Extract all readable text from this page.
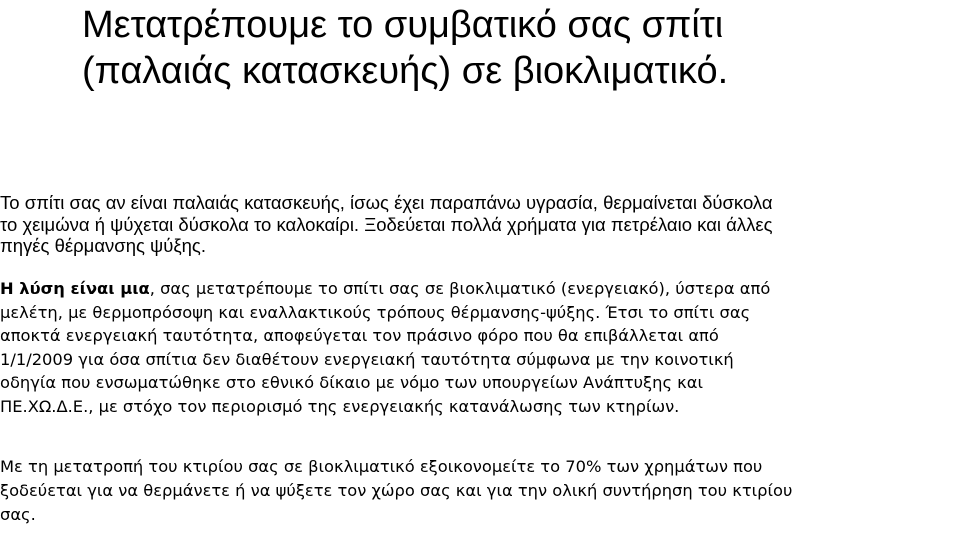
Μετατρέπουμε το συμβατικό σας σπίτι
(παλαιάς κατασκευής) σε βιοκλιματικό.
Το σπίτι σας αν είναι παλαιάς κατασκευής, ίσως έχει παραπάνω υγρασία, θερμαίνεται δύσκολα
το χειμώνα ή ψύχεται δύσκολα το καλοκαίρι. Ξοδεύεται πολλά χρήματα για πετρέλαιο και άλλες
πηγές θέρμανσης ψύξης.
Η λύση είναι μια, σας μετατρέπουμε το σπίτι σας σε βιοκλιματικό (ενεργειακό), ύστερα από
μελέτη, με θερμοπρόσοψη και εναλλακτικούς τρόπους θέρμανσης-ψύξης. Έτσι το σπίτι σας
αποκτά ενεργειακή ταυτότητα, αποφεύγεται τον πράσινο φόρο που θα επιβάλλεται από
1/1/2009 για όσα σπίτια δεν διαθέτουν ενεργειακή ταυτότητα σύμφωνα με την κοινοτική
οδηγία που ενσωματώθηκε στο εθνικό δίκαιο με νόμο των υπουργείων Ανάπτυξης και
ΠΕ.ΧΩ.Δ.Ε., με στόχο τον περιορισμό της ενεργειακής κατανάλωσης των κτηρίων.
Με τη μετατροπή του κτιρίου σας σε βιοκλιματικό εξοικονομείτε το 70% των χρημάτων που
ξοδεύεται για να θερμάνετε ή να ψύξετε τον χώρο σας και για την ολική συντήρηση του κτιρίου
σας.
